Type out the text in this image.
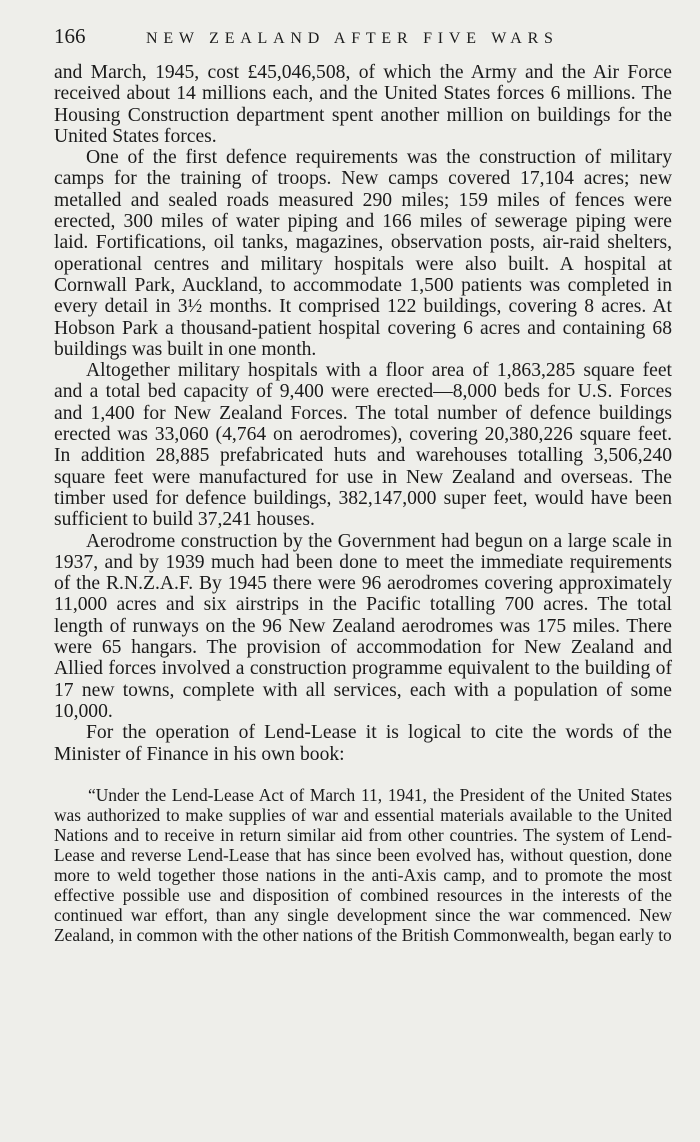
166	NEW ZEALAND AFTER FIVE WARS

and March, 1945, cost £45,046,508, of which the Army and the Air Force received about 14 millions each, and the United States forces 6 millions. The Housing Construction department spent another million on buildings for the United States forces.

One of the first defence requirements was the construction of military camps for the training of troops. New camps covered 17,104 acres; new metalled and sealed roads measured 290 miles; 159 miles of fences were erected, 300 miles of water piping and 166 miles of sewerage piping were laid. Fortifications, oil tanks, magazines, observation posts, air-raid shelters, operational centres and military hospitals were also built. A hospital at Cornwall Park, Auckland, to accommodate 1,500 patients was completed in every detail in 3½ months. It comprised 122 buildings, covering 8 acres. At Hobson Park a thousand-patient hospital covering 6 acres and containing 68 buildings was built in one month.

Altogether military hospitals with a floor area of 1,863,285 square feet and a total bed capacity of 9,400 were erected—8,000 beds for U.S. Forces and 1,400 for New Zealand Forces. The total number of defence buildings erected was 33,060 (4,764 on aerodromes), covering 20,380,226 square feet. In addition 28,885 prefabricated huts and warehouses totalling 3,506,240 square feet were manufactured for use in New Zealand and overseas. The timber used for defence buildings, 382,147,000 super feet, would have been sufficient to build 37,241 houses.

Aerodrome construction by the Government had begun on a large scale in 1937, and by 1939 much had been done to meet the immediate requirements of the R.N.Z.A.F. By 1945 there were 96 aerodromes covering approximately 11,000 acres and six airstrips in the Pacific totalling 700 acres. The total length of runways on the 96 New Zealand aerodromes was 175 miles. There were 65 hangars. The provision of accommodation for New Zealand and Allied forces involved a construction programme equivalent to the building of 17 new towns, complete with all services, each with a population of some 10,000.

For the operation of Lend-Lease it is logical to cite the words of the Minister of Finance in his own book:

“Under the Lend-Lease Act of March 11, 1941, the President of the United States was authorized to make supplies of war and essential materials available to the United Nations and to receive in return similar aid from other countries. The system of Lend-Lease and reverse Lend-Lease that has since been evolved has, without question, done more to weld together those nations in the anti-Axis camp, and to promote the most effective possible use and disposition of combined resources in the interests of the continued war effort, than any single development since the war commenced. New Zealand, in common with the other nations of the British Commonwealth, began early to
